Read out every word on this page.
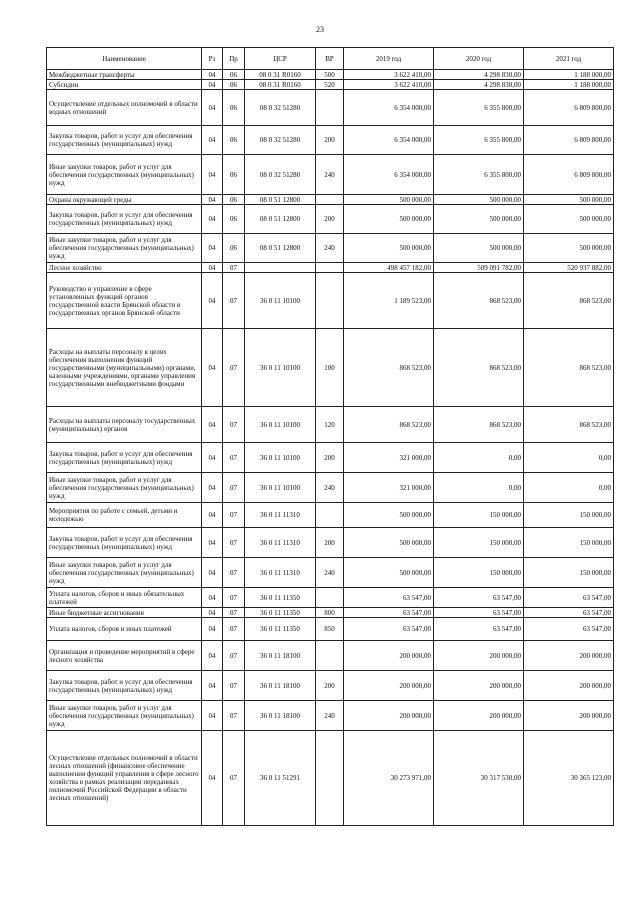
23
Наименование	Рз	Пр	ЦСР	ВР	2019 год	2020 год	2021 год
Межбюджетные трансферты	04	06	08 0 31 R0160	500	3 622 410,00	4 298 830,00	1 188 000,00
Субсидии	04	06	08 0 31 R0160	520	3 622 410,00	4 298 830,00	1 188 000,00
Осуществление отдельных полномочий в области водных отношений	04	06	08 0 32 51280		6 354 000,00	6 355 800,00	6 809 800,00
Закупка товаров, работ и услуг для обеспечения государственных (муниципальных) нужд	04	06	08 0 32 51280	200	6 354 000,00	6 355 800,00	6 809 800,00
Иные закупки товаров, работ и услуг для обеспечения государственных (муниципальных) нужд	04	06	08 0 32 51280	240	6 354 000,00	6 355 800,00	6 809 800,00
Охрана окружающей среды	04	06	08 0 51 12800		500 000,00	500 000,00	500 000,00
Закупка товаров, работ и услуг для обеспечения государственных (муниципальных) нужд	04	06	08 0 51 12800	200	500 000,00	500 000,00	500 000,00
Иные закупки товаров, работ и услуг для обеспечения государственных (муниципальных) нужд	04	06	08 0 51 12800	240	500 000,00	500 000,00	500 000,00
Лесное хозяйство	04	07			498 457 182,00	509 091 782,00	520 937 882,00
Руководство и управление в сфере установленных функций органов государственной власти Брянской области и государственных органов Брянской области	04	07	36 0 11 10100		1 189 523,00	868 523,00	868 523,00
Расходы на выплаты персоналу в целях обеспечения выполнения функций государственными (муниципальными) органами, казенными учреждениями, органами управления государственными внебюджетными фондами	04	07	36 0 11 10100	100	868 523,00	868 523,00	868 523,00
Расходы на выплаты персоналу государственных (муниципальных) органов	04	07	36 0 11 10100	120	868 523,00	868 523,00	868 523,00
Закупка товаров, работ и услуг для обеспечения государственных (муниципальных) нужд	04	07	36 0 11 10100	200	321 000,00	0,00	0,00
Иные закупки товаров, работ и услуг для обеспечения государственных (муниципальных) нужд	04	07	36 0 11 10100	240	321 000,00	0,00	0,00
Мероприятия по работе с семьей, детьми и молодежью	04	07	36 0 11 11310		500 000,00	150 000,00	150 000,00
Закупка товаров, работ и услуг для обеспечения государственных (муниципальных) нужд	04	07	36 0 11 11310	200	500 000,00	150 000,00	150 000,00
Иные закупки товаров, работ и услуг для обеспечения государственных (муниципальных) нужд	04	07	36 0 11 11310	240	500 000,00	150 000,00	150 000,00
Уплата налогов, сборов и иных обязательных платежей	04	07	36 0 11 11350		63 547,00	63 547,00	63 547,00
Иные бюджетные ассигнования	04	07	36 0 11 11350	800	63 547,00	63 547,00	63 547,00
Уплата налогов, сборов и иных платежей	04	07	36 0 11 11350	850	63 547,00	63 547,00	63 547,00
Организация и проведение мероприятий в сфере лесного хозяйства	04	07	36 0 11 18100		200 000,00	200 000,00	200 000,00
Закупка товаров, работ и услуг для обеспечения государственных (муниципальных) нужд	04	07	36 0 11 18100	200	200 000,00	200 000,00	200 000,00
Иные закупки товаров, работ и услуг для обеспечения государственных (муниципальных) нужд	04	07	36 0 11 18100	240	200 000,00	200 000,00	200 000,00
Осуществление отдельных полномочий в области лесных отношений (финансовое обеспечение выполнения функций управления в сфере лесного хозяйства в рамках реализации переданных полномочий Российской Федерации в области лесных отношений)	04	07	36 0 11 51291		30 273 971,00	30 317 530,00	30 365 123,00
